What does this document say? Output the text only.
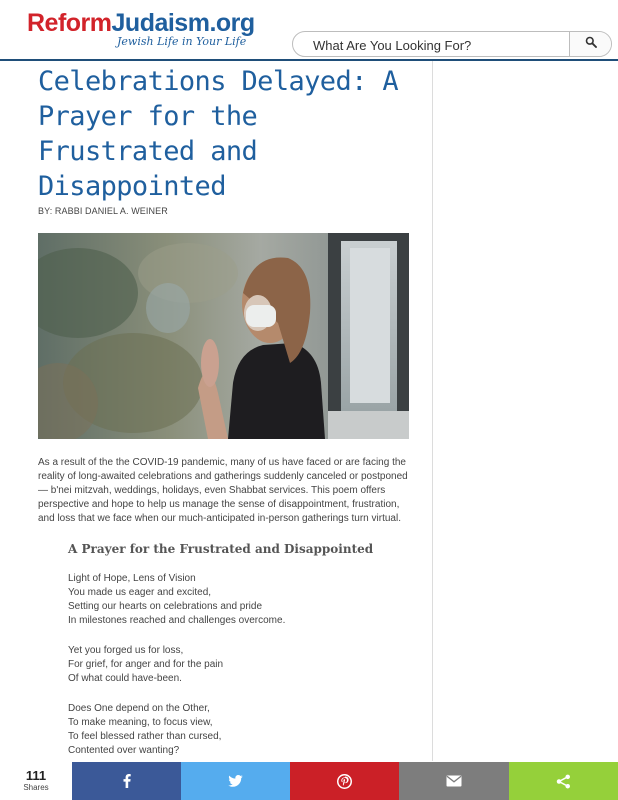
ReformJudaism.org
Jewish Life in Your Life
What Are You Looking For?
Celebrations Delayed: A Prayer for the Frustrated and Disappointed
BY: RABBI DANIEL A. WEINER

As a result of the the COVID-19 pandemic, many of us have faced or are facing the reality of long-awaited celebrations and gatherings suddenly canceled or postponed — b'nei mitzvah, weddings, holidays, even Shabbat services. This poem offers perspective and hope to help us manage the sense of disappointment, frustration, and loss that we face when our much-anticipated in-person gatherings turn virtual.

A Prayer for the Frustrated and Disappointed
Light of Hope, Lens of Vision
You made us eager and excited,
Setting our hearts on celebrations and pride
In milestones reached and challenges overcome.
Yet you forged us for loss,
For grief, for anger and for the pain
Of what could have-been.
Does One depend on the Other,
To make meaning, to focus view,
To feel blessed rather than cursed,
Contented over wanting?
111
Shares
